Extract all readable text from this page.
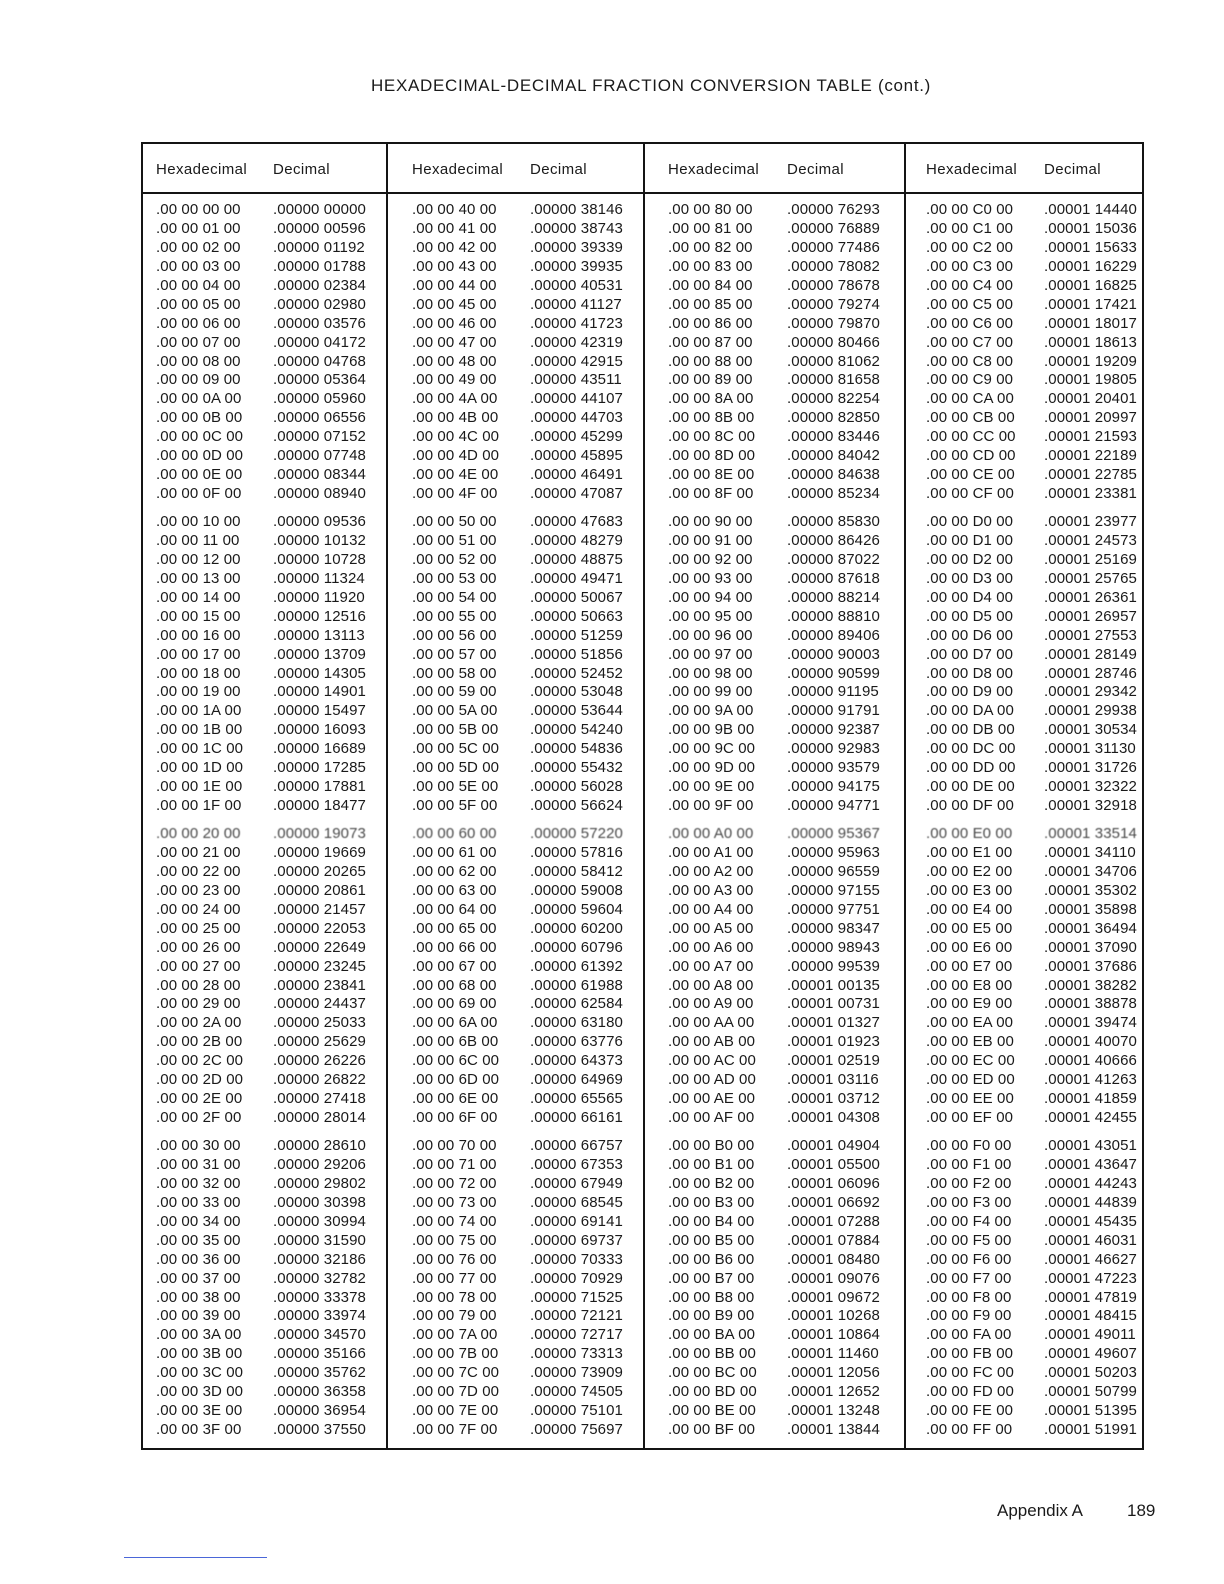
HEXADECIMAL-DECIMAL FRACTION CONVERSION TABLE (cont.)
Hexadecimal Decimal
.00 00 00 00 .00000 00000
.00 00 01 00 .00000 00596
.00 00 02 00 .00000 01192
.00 00 03 00 .00000 01788
.00 00 04 00 .00000 02384
.00 00 05 00 .00000 02980
.00 00 06 00 .00000 03576
.00 00 07 00 .00000 04172
.00 00 08 00 .00000 04768
.00 00 09 00 .00000 05364
.00 00 0A 00 .00000 05960
.00 00 0B 00 .00000 06556
.00 00 0C 00 .00000 07152
.00 00 0D 00 .00000 07748
.00 00 0E 00 .00000 08344
.00 00 0F 00 .00000 08940
.00 00 10 00 .00000 09536
.00 00 11 00 .00000 10132
.00 00 12 00 .00000 10728
.00 00 13 00 .00000 11324
.00 00 14 00 .00000 11920
.00 00 15 00 .00000 12516
.00 00 16 00 .00000 13113
.00 00 17 00 .00000 13709
.00 00 18 00 .00000 14305
.00 00 19 00 .00000 14901
.00 00 1A 00 .00000 15497
.00 00 1B 00 .00000 16093
.00 00 1C 00 .00000 16689
.00 00 1D 00 .00000 17285
.00 00 1E 00 .00000 17881
.00 00 1F 00 .00000 18477
.00 00 20 00 .00000 19073
.00 00 21 00 .00000 19669
.00 00 22 00 .00000 20265
.00 00 23 00 .00000 20861
.00 00 24 00 .00000 21457
.00 00 25 00 .00000 22053
.00 00 26 00 .00000 22649
.00 00 27 00 .00000 23245
.00 00 28 00 .00000 23841
.00 00 29 00 .00000 24437
.00 00 2A 00 .00000 25033
.00 00 2B 00 .00000 25629
.00 00 2C 00 .00000 26226
.00 00 2D 00 .00000 26822
.00 00 2E 00 .00000 27418
.00 00 2F 00 .00000 28014
.00 00 30 00 .00000 28610
.00 00 31 00 .00000 29206
.00 00 32 00 .00000 29802
.00 00 33 00 .00000 30398
.00 00 34 00 .00000 30994
.00 00 35 00 .00000 31590
.00 00 36 00 .00000 32186
.00 00 37 00 .00000 32782
.00 00 38 00 .00000 33378
.00 00 39 00 .00000 33974
.00 00 3A 00 .00000 34570
.00 00 3B 00 .00000 35166
.00 00 3C 00 .00000 35762
.00 00 3D 00 .00000 36358
.00 00 3E 00 .00000 36954
.00 00 3F 00 .00000 37550
Hexadecimal Decimal
.00 00 40 00 .00000 38146
.00 00 41 00 .00000 38743
.00 00 42 00 .00000 39339
.00 00 43 00 .00000 39935
.00 00 44 00 .00000 40531
.00 00 45 00 .00000 41127
.00 00 46 00 .00000 41723
.00 00 47 00 .00000 42319
.00 00 48 00 .00000 42915
.00 00 49 00 .00000 43511
.00 00 4A 00 .00000 44107
.00 00 4B 00 .00000 44703
.00 00 4C 00 .00000 45299
.00 00 4D 00 .00000 45895
.00 00 4E 00 .00000 46491
.00 00 4F 00 .00000 47087
.00 00 50 00 .00000 47683
.00 00 51 00 .00000 48279
.00 00 52 00 .00000 48875
.00 00 53 00 .00000 49471
.00 00 54 00 .00000 50067
.00 00 55 00 .00000 50663
.00 00 56 00 .00000 51259
.00 00 57 00 .00000 51856
.00 00 58 00 .00000 52452
.00 00 59 00 .00000 53048
.00 00 5A 00 .00000 53644
.00 00 5B 00 .00000 54240
.00 00 5C 00 .00000 54836
.00 00 5D 00 .00000 55432
.00 00 5E 00 .00000 56028
.00 00 5F 00 .00000 56624
.00 00 60 00 .00000 57220
.00 00 61 00 .00000 57816
.00 00 62 00 .00000 58412
.00 00 63 00 .00000 59008
.00 00 64 00 .00000 59604
.00 00 65 00 .00000 60200
.00 00 66 00 .00000 60796
.00 00 67 00 .00000 61392
.00 00 68 00 .00000 61988
.00 00 69 00 .00000 62584
.00 00 6A 00 .00000 63180
.00 00 6B 00 .00000 63776
.00 00 6C 00 .00000 64373
.00 00 6D 00 .00000 64969
.00 00 6E 00 .00000 65565
.00 00 6F 00 .00000 66161
.00 00 70 00 .00000 66757
.00 00 71 00 .00000 67353
.00 00 72 00 .00000 67949
.00 00 73 00 .00000 68545
.00 00 74 00 .00000 69141
.00 00 75 00 .00000 69737
.00 00 76 00 .00000 70333
.00 00 77 00 .00000 70929
.00 00 78 00 .00000 71525
.00 00 79 00 .00000 72121
.00 00 7A 00 .00000 72717
.00 00 7B 00 .00000 73313
.00 00 7C 00 .00000 73909
.00 00 7D 00 .00000 74505
.00 00 7E 00 .00000 75101
.00 00 7F 00 .00000 75697
Hexadecimal Decimal
.00 00 80 00 .00000 76293
.00 00 81 00 .00000 76889
.00 00 82 00 .00000 77486
.00 00 83 00 .00000 78082
.00 00 84 00 .00000 78678
.00 00 85 00 .00000 79274
.00 00 86 00 .00000 79870
.00 00 87 00 .00000 80466
.00 00 88 00 .00000 81062
.00 00 89 00 .00000 81658
.00 00 8A 00 .00000 82254
.00 00 8B 00 .00000 82850
.00 00 8C 00 .00000 83446
.00 00 8D 00 .00000 84042
.00 00 8E 00 .00000 84638
.00 00 8F 00 .00000 85234
.00 00 90 00 .00000 85830
.00 00 91 00 .00000 86426
.00 00 92 00 .00000 87022
.00 00 93 00 .00000 87618
.00 00 94 00 .00000 88214
.00 00 95 00 .00000 88810
.00 00 96 00 .00000 89406
.00 00 97 00 .00000 90003
.00 00 98 00 .00000 90599
.00 00 99 00 .00000 91195
.00 00 9A 00 .00000 91791
.00 00 9B 00 .00000 92387
.00 00 9C 00 .00000 92983
.00 00 9D 00 .00000 93579
.00 00 9E 00 .00000 94175
.00 00 9F 00 .00000 94771
.00 00 A0 00 .00000 95367
.00 00 A1 00 .00000 95963
.00 00 A2 00 .00000 96559
.00 00 A3 00 .00000 97155
.00 00 A4 00 .00000 97751
.00 00 A5 00 .00000 98347
.00 00 A6 00 .00000 98943
.00 00 A7 00 .00000 99539
.00 00 A8 00 .00001 00135
.00 00 A9 00 .00001 00731
.00 00 AA 00 .00001 01327
.00 00 AB 00 .00001 01923
.00 00 AC 00 .00001 02519
.00 00 AD 00 .00001 03116
.00 00 AE 00 .00001 03712
.00 00 AF 00 .00001 04308
.00 00 B0 00 .00001 04904
.00 00 B1 00 .00001 05500
.00 00 B2 00 .00001 06096
.00 00 B3 00 .00001 06692
.00 00 B4 00 .00001 07288
.00 00 B5 00 .00001 07884
.00 00 B6 00 .00001 08480
.00 00 B7 00 .00001 09076
.00 00 B8 00 .00001 09672
.00 00 B9 00 .00001 10268
.00 00 BA 00 .00001 10864
.00 00 BB 00 .00001 11460
.00 00 BC 00 .00001 12056
.00 00 BD 00 .00001 12652
.00 00 BE 00 .00001 13248
.00 00 BF 00 .00001 13844
Hexadecimal Decimal
.00 00 C0 00 .00001 14440
.00 00 C1 00 .00001 15036
.00 00 C2 00 .00001 15633
.00 00 C3 00 .00001 16229
.00 00 C4 00 .00001 16825
.00 00 C5 00 .00001 17421
.00 00 C6 00 .00001 18017
.00 00 C7 00 .00001 18613
.00 00 C8 00 .00001 19209
.00 00 C9 00 .00001 19805
.00 00 CA 00 .00001 20401
.00 00 CB 00 .00001 20997
.00 00 CC 00 .00001 21593
.00 00 CD 00 .00001 22189
.00 00 CE 00 .00001 22785
.00 00 CF 00 .00001 23381
.00 00 D0 00 .00001 23977
.00 00 D1 00 .00001 24573
.00 00 D2 00 .00001 25169
.00 00 D3 00 .00001 25765
.00 00 D4 00 .00001 26361
.00 00 D5 00 .00001 26957
.00 00 D6 00 .00001 27553
.00 00 D7 00 .00001 28149
.00 00 D8 00 .00001 28746
.00 00 D9 00 .00001 29342
.00 00 DA 00 .00001 29938
.00 00 DB 00 .00001 30534
.00 00 DC 00 .00001 31130
.00 00 DD 00 .00001 31726
.00 00 DE 00 .00001 32322
.00 00 DF 00 .00001 32918
.00 00 E0 00 .00001 33514
.00 00 E1 00 .00001 34110
.00 00 E2 00 .00001 34706
.00 00 E3 00 .00001 35302
.00 00 E4 00 .00001 35898
.00 00 E5 00 .00001 36494
.00 00 E6 00 .00001 37090
.00 00 E7 00 .00001 37686
.00 00 E8 00 .00001 38282
.00 00 E9 00 .00001 38878
.00 00 EA 00 .00001 39474
.00 00 EB 00 .00001 40070
.00 00 EC 00 .00001 40666
.00 00 ED 00 .00001 41263
.00 00 EE 00 .00001 41859
.00 00 EF 00 .00001 42455
.00 00 F0 00 .00001 43051
.00 00 F1 00 .00001 43647
.00 00 F2 00 .00001 44243
.00 00 F3 00 .00001 44839
.00 00 F4 00 .00001 45435
.00 00 F5 00 .00001 46031
.00 00 F6 00 .00001 46627
.00 00 F7 00 .00001 47223
.00 00 F8 00 .00001 47819
.00 00 F9 00 .00001 48415
.00 00 FA 00 .00001 49011
.00 00 FB 00 .00001 49607
.00 00 FC 00 .00001 50203
.00 00 FD 00 .00001 50799
.00 00 FE 00 .00001 51395
.00 00 FF 00 .00001 51991
Appendix A	189
